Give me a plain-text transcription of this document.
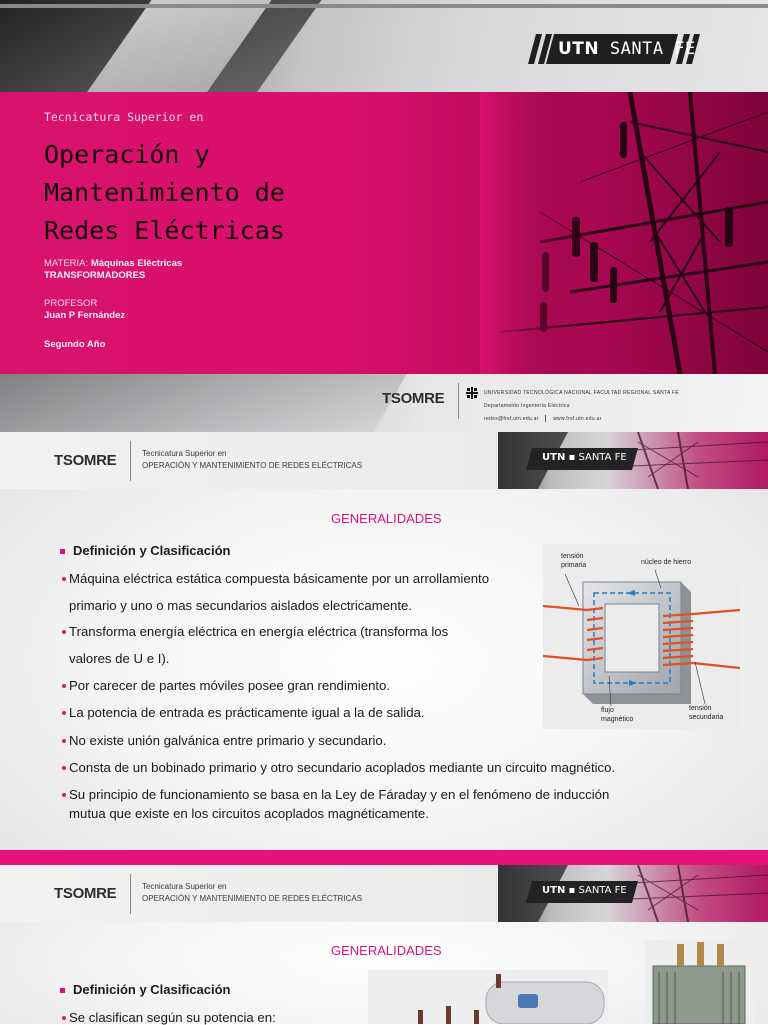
UTN SANTA FE
Tecnicatura Superior en
Operación y
Mantenimiento de
Redes Eléctricas
MATERIA: Máquinas Eléctricas
TRANSFORMADORES
PROFESOR
Juan P Fernández
Segundo Año
TSOMRE	UNIVERSIDAD TECNOLÓGICA NACIONAL FACULTAD REGIONAL SANTA FE
Departamento Ingeniería Eléctrica
redes@frsf.utn.edu.ar	www.frsf.utn.edu.ar
TSOMRE	Tecnicatura Superior en
OPERACIÓN Y MANTENIMIENTO DE REDES ELÉCTRICAS
UTN ▪ SANTA FE
GENERALIDADES
Definición y Clasificación
Máquina eléctrica estática compuesta básicamente por un arrollamiento
primario y uno o mas secundarios aislados electricamente.
Transforma energía eléctrica en energía eléctrica (transforma los
valores de U e I).
Por carecer de partes móviles posee gran rendimiento.
La potencia de entrada es prácticamente igual a la de salida.
No existe unión galvánica entre primario y secundario.
Consta de un bobinado primario y otro secundario acoplados mediante un circuito magnético.
Su principio de funcionamiento se basa en la Ley de Fáraday y en el fenómeno de inducción
mutua que existe en los circuitos acoplados magnéticamente.
tensión
primaria	núcleo de hierro
flujo
magnético
tensión
secundaria
TSOMRE	Tecnicatura Superior en
OPERACIÓN Y MANTENIMIENTO DE REDES ELÉCTRICAS
UTN ▪ SANTA FE
GENERALIDADES
Definición y Clasificación
Se clasifican según su potencia en:
